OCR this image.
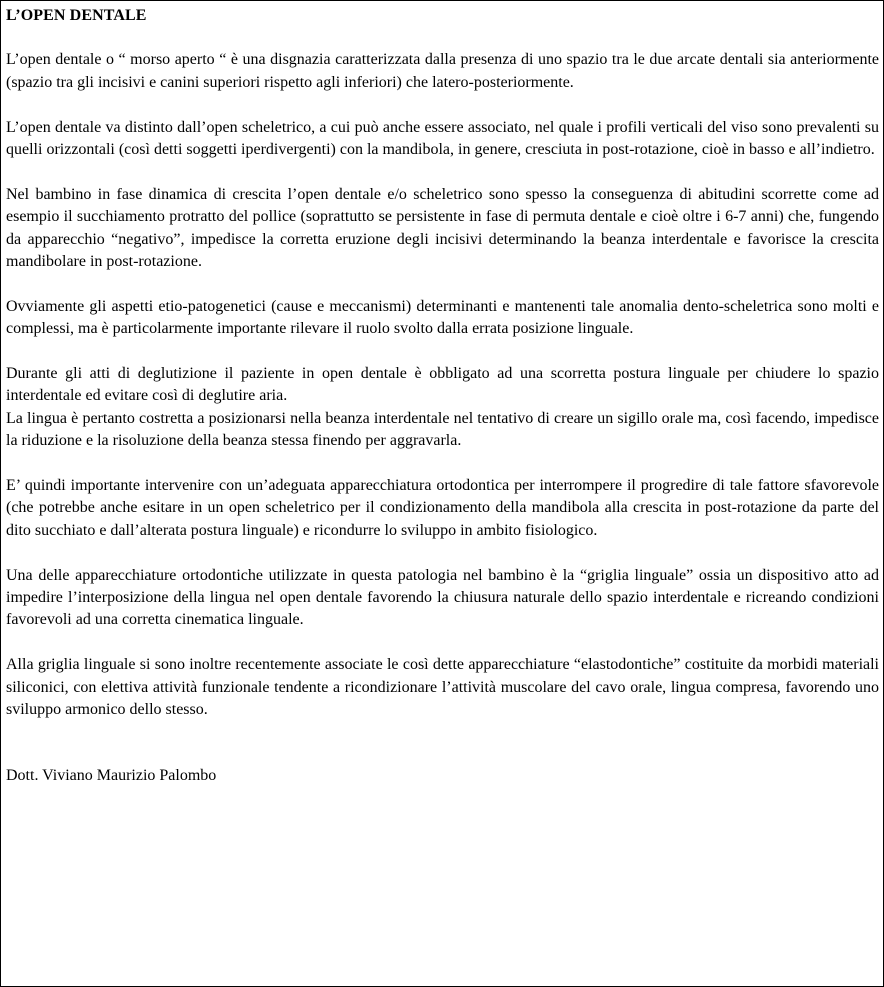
L’OPEN DENTALE

L’open dentale o “ morso aperto “ è una disgnazia caratterizzata dalla presenza di uno spazio tra le due arcate dentali sia anteriormente (spazio tra gli incisivi e canini superiori rispetto agli inferiori) che latero-posteriormente.

L’open dentale va distinto dall’open scheletrico, a cui può anche essere associato, nel quale i profili verticali del viso sono prevalenti su quelli orizzontali (così detti soggetti iperdivergenti) con la mandibola, in genere, cresciuta in post-rotazione, cioè in basso e all’indietro.

Nel bambino in fase dinamica di crescita l’open dentale e/o scheletrico sono spesso la conseguenza di abitudini scorrette come ad esempio il succhiamento protratto del pollice (soprattutto se persistente in fase di permuta dentale e cioè oltre i 6-7 anni) che, fungendo da apparecchio “negativo”, impedisce la corretta eruzione degli incisivi determinando la beanza interdentale e favorisce la crescita mandibolare in post-rotazione.

Ovviamente gli aspetti etio-patogenetici (cause e meccanismi) determinanti e mantenenti tale anomalia dento-scheletrica sono molti e complessi, ma è particolarmente importante rilevare il ruolo svolto dalla errata posizione linguale.

Durante gli atti di deglutizione il paziente in open dentale è obbligato ad una scorretta postura linguale per chiudere lo spazio interdentale ed evitare così di deglutire aria.

La lingua è pertanto costretta a posizionarsi nella beanza interdentale nel tentativo di creare un sigillo orale ma, così facendo, impedisce la riduzione e la risoluzione della beanza stessa finendo per aggravarla.

E’ quindi importante intervenire con un’adeguata apparecchiatura ortodontica per interrompere il progredire di tale fattore sfavorevole (che potrebbe anche esitare in un open scheletrico per il condizionamento della mandibola alla crescita in post-rotazione da parte del dito succhiato e dall’alterata postura linguale) e ricondurre lo sviluppo in ambito fisiologico.

Una delle apparecchiature ortodontiche utilizzate in questa patologia nel bambino è la “griglia linguale” ossia un dispositivo atto ad impedire l’interposizione della lingua nel open dentale favorendo la chiusura naturale dello spazio interdentale e ricreando condizioni favorevoli ad una corretta cinematica linguale.

Alla griglia linguale si sono inoltre recentemente associate le così dette apparecchiature “elastodontiche” costituite da morbidi materiali siliconici, con elettiva attività funzionale tendente a ricondizionare l’attività muscolare del cavo orale, lingua compresa, favorendo uno sviluppo armonico dello stesso.

Dott. Viviano Maurizio Palombo
